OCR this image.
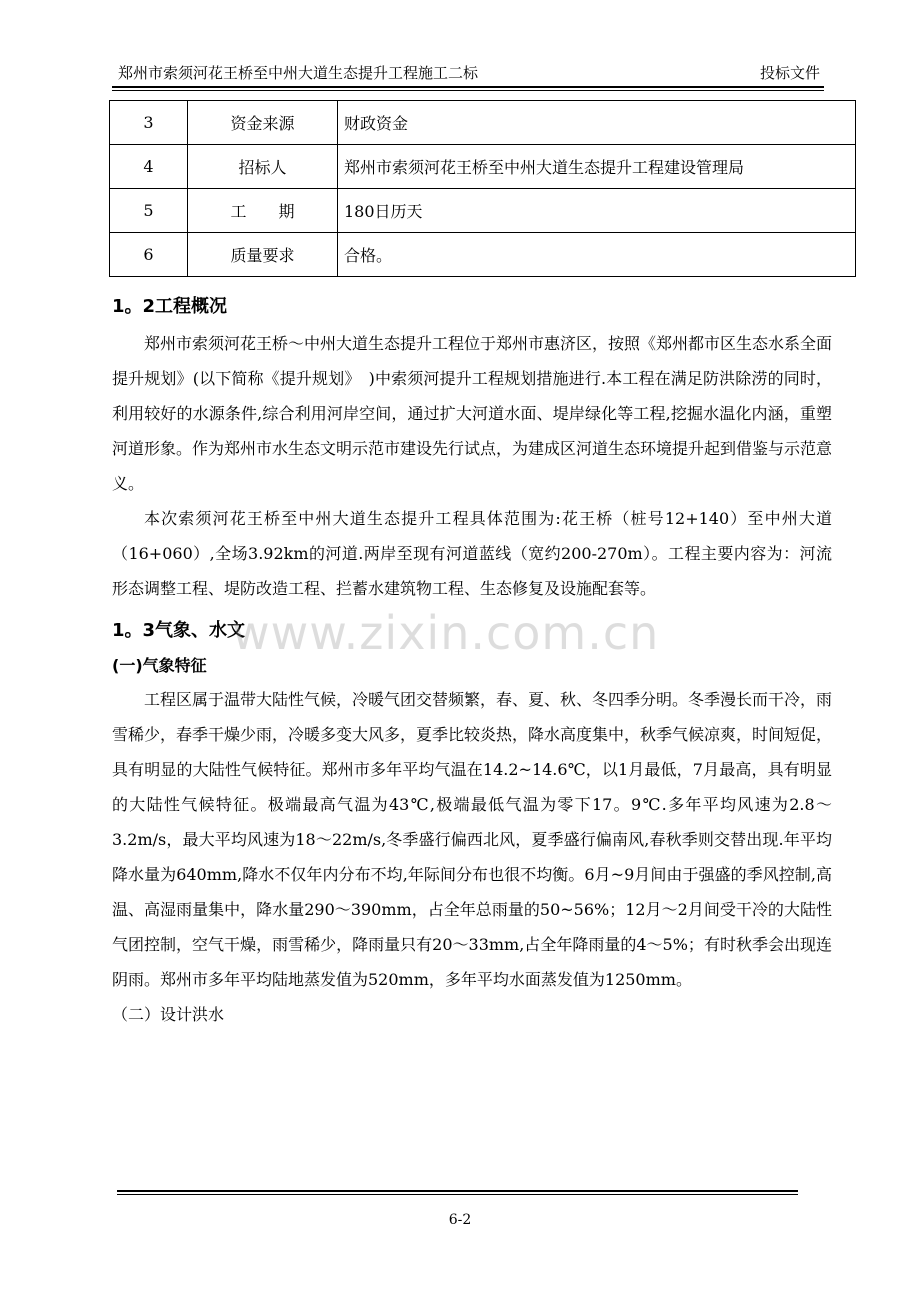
郑州市索须河花王桥至中州大道生态提升工程施工二标	投标文件
3	资金来源	财政资金
4	招标人	郑州市索须河花王桥至中州大道生态提升工程建设管理局
5	工　　期	180日历天
6	质量要求	合格。
1。2工程概况

郑州市索须河花王桥～中州大道生态提升工程位于郑州市惠济区，按照《郑州都市区生态水系全面提升规划》(以下简称《提升规划》　)中索须河提升工程规划措施进行.本工程在满足防洪除涝的同时，利用较好的水源条件,综合利用河岸空间，通过扩大河道水面、堤岸绿化等工程,挖掘水温化内涵，重塑河道形象。作为郑州市水生态文明示范市建设先行试点，为建成区河道生态环境提升起到借鉴与示范意义。

本次索须河花王桥至中州大道生态提升工程具体范围为:花王桥（桩号12+140）至中州大道（16+060）,全场3.92km的河道.两岸至现有河道蓝线（宽约200-270m）。工程主要内容为：河流形态调整工程、堤防改造工程、拦蓄水建筑物工程、生态修复及设施配套等。

1。3气象、水文
(一)气象特征

工程区属于温带大陆性气候，冷暖气团交替频繁，春、夏、秋、冬四季分明。冬季漫长而干冷，雨雪稀少，春季干燥少雨，冷暖多变大风多，夏季比较炎热，降水高度集中，秋季气候凉爽，时间短促，具有明显的大陆性气候特征。郑州市多年平均气温在14.2~14.6℃，以1月最低，7月最高，具有明显的大陆性气候特征。极端最高气温为43℃,极端最低气温为零下17。9℃.多年平均风速为2.8～3.2m/s，最大平均风速为18～22m/s,冬季盛行偏西北风，夏季盛行偏南风,春秋季则交替出现.年平均降水量为640mm,降水不仅年内分布不均,年际间分布也很不均衡。6月~9月间由于强盛的季风控制,高温、高湿雨量集中，降水量290～390mm，占全年总雨量的50~56%；12月～2月间受干冷的大陆性气团控制，空气干燥，雨雪稀少，降雨量只有20～33mm,占全年降雨量的4～5%；有时秋季会出现连阴雨。郑州市多年平均陆地蒸发值为520mm，多年平均水面蒸发值为1250mm。

（二）设计洪水
www.zixin.com.cn
6-2
